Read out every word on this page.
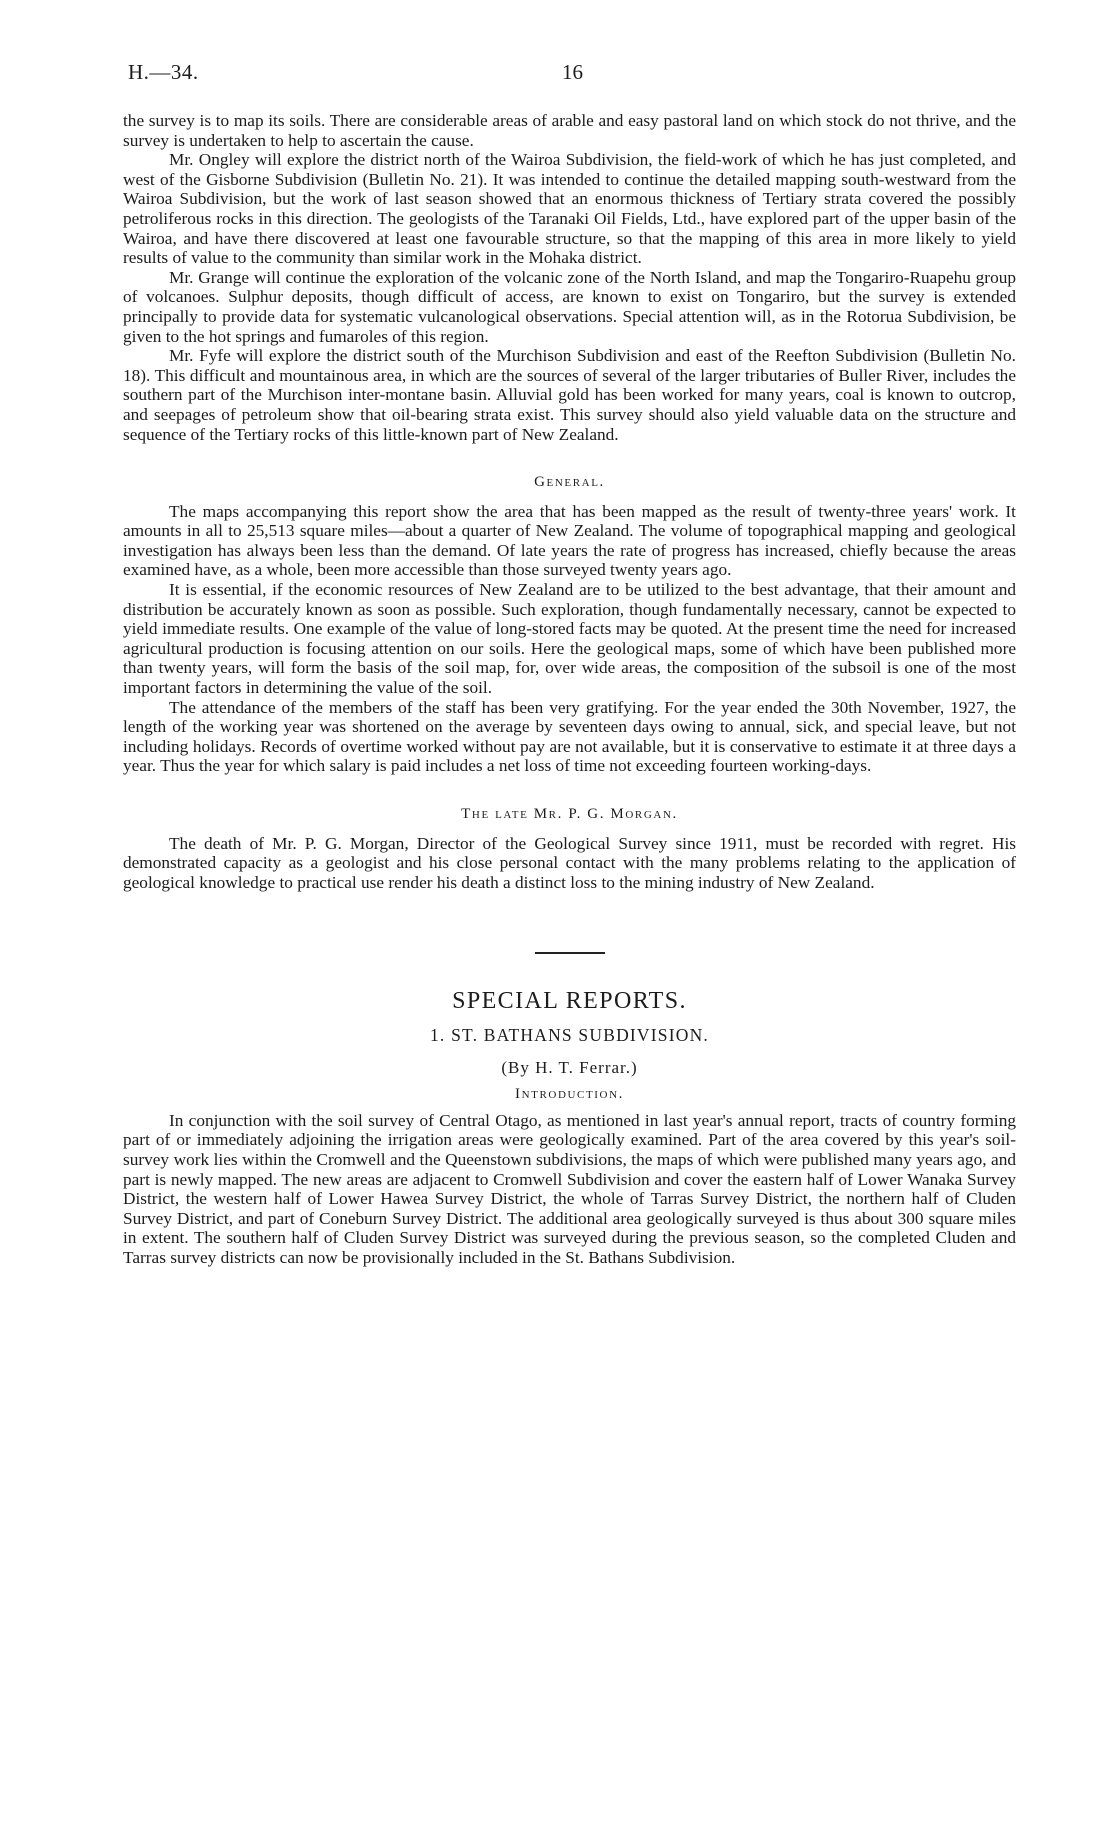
H.—34.	16

the survey is to map its soils. There are considerable areas of arable and easy pastoral land on which stock do not thrive, and the survey is undertaken to help to ascertain the cause.

Mr. Ongley will explore the district north of the Wairoa Subdivision, the field-work of which he has just completed, and west of the Gisborne Subdivision (Bulletin No. 21). It was intended to continue the detailed mapping south-westward from the Wairoa Subdivision, but the work of last season showed that an enormous thickness of Tertiary strata covered the possibly petroliferous rocks in this direction. The geologists of the Taranaki Oil Fields, Ltd., have explored part of the upper basin of the Wairoa, and have there discovered at least one favourable structure, so that the mapping of this area in more likely to yield results of value to the community than similar work in the Mohaka district.

Mr. Grange will continue the exploration of the volcanic zone of the North Island, and map the Tongariro-Ruapehu group of volcanoes. Sulphur deposits, though difficult of access, are known to exist on Tongariro, but the survey is extended principally to provide data for systematic vulcanological observations. Special attention will, as in the Rotorua Subdivision, be given to the hot springs and fumaroles of this region.

Mr. Fyfe will explore the district south of the Murchison Subdivision and east of the Reefton Subdivision (Bulletin No. 18). This difficult and mountainous area, in which are the sources of several of the larger tributaries of Buller River, includes the southern part of the Murchison inter-montane basin. Alluvial gold has been worked for many years, coal is known to outcrop, and seepages of petroleum show that oil-bearing strata exist. This survey should also yield valuable data on the structure and sequence of the Tertiary rocks of this little-known part of New Zealand.

General.

The maps accompanying this report show the area that has been mapped as the result of twenty-three years' work. It amounts in all to 25,513 square miles—about a quarter of New Zealand. The volume of topographical mapping and geological investigation has always been less than the demand. Of late years the rate of progress has increased, chiefly because the areas examined have, as a whole, been more accessible than those surveyed twenty years ago.

It is essential, if the economic resources of New Zealand are to be utilized to the best advantage, that their amount and distribution be accurately known as soon as possible. Such exploration, though fundamentally necessary, cannot be expected to yield immediate results. One example of the value of long-stored facts may be quoted. At the present time the need for increased agricultural production is focusing attention on our soils. Here the geological maps, some of which have been published more than twenty years, will form the basis of the soil map, for, over wide areas, the composition of the subsoil is one of the most important factors in determining the value of the soil.

The attendance of the members of the staff has been very gratifying. For the year ended the 30th November, 1927, the length of the working year was shortened on the average by seventeen days owing to annual, sick, and special leave, but not including holidays. Records of overtime worked without pay are not available, but it is conservative to estimate it at three days a year. Thus the year for which salary is paid includes a net loss of time not exceeding fourteen working-days.

The late Mr. P. G. Morgan.

The death of Mr. P. G. Morgan, Director of the Geological Survey since 1911, must be recorded with regret. His demonstrated capacity as a geologist and his close personal contact with the many problems relating to the application of geological knowledge to practical use render his death a distinct loss to the mining industry of New Zealand.

SPECIAL REPORTS.
1. ST. BATHANS SUBDIVISION.
(By H. T. Ferrar.)
Introduction.

In conjunction with the soil survey of Central Otago, as mentioned in last year's annual report, tracts of country forming part of or immediately adjoining the irrigation areas were geologically examined. Part of the area covered by this year's soil-survey work lies within the Cromwell and the Queenstown subdivisions, the maps of which were published many years ago, and part is newly mapped. The new areas are adjacent to Cromwell Subdivision and cover the eastern half of Lower Wanaka Survey District, the western half of Lower Hawea Survey District, the whole of Tarras Survey District, the northern half of Cluden Survey District, and part of Coneburn Survey District. The additional area geologically surveyed is thus about 300 square miles in extent. The southern half of Cluden Survey District was surveyed during the previous season, so the completed Cluden and Tarras survey districts can now be provisionally included in the St. Bathans Subdivision.
